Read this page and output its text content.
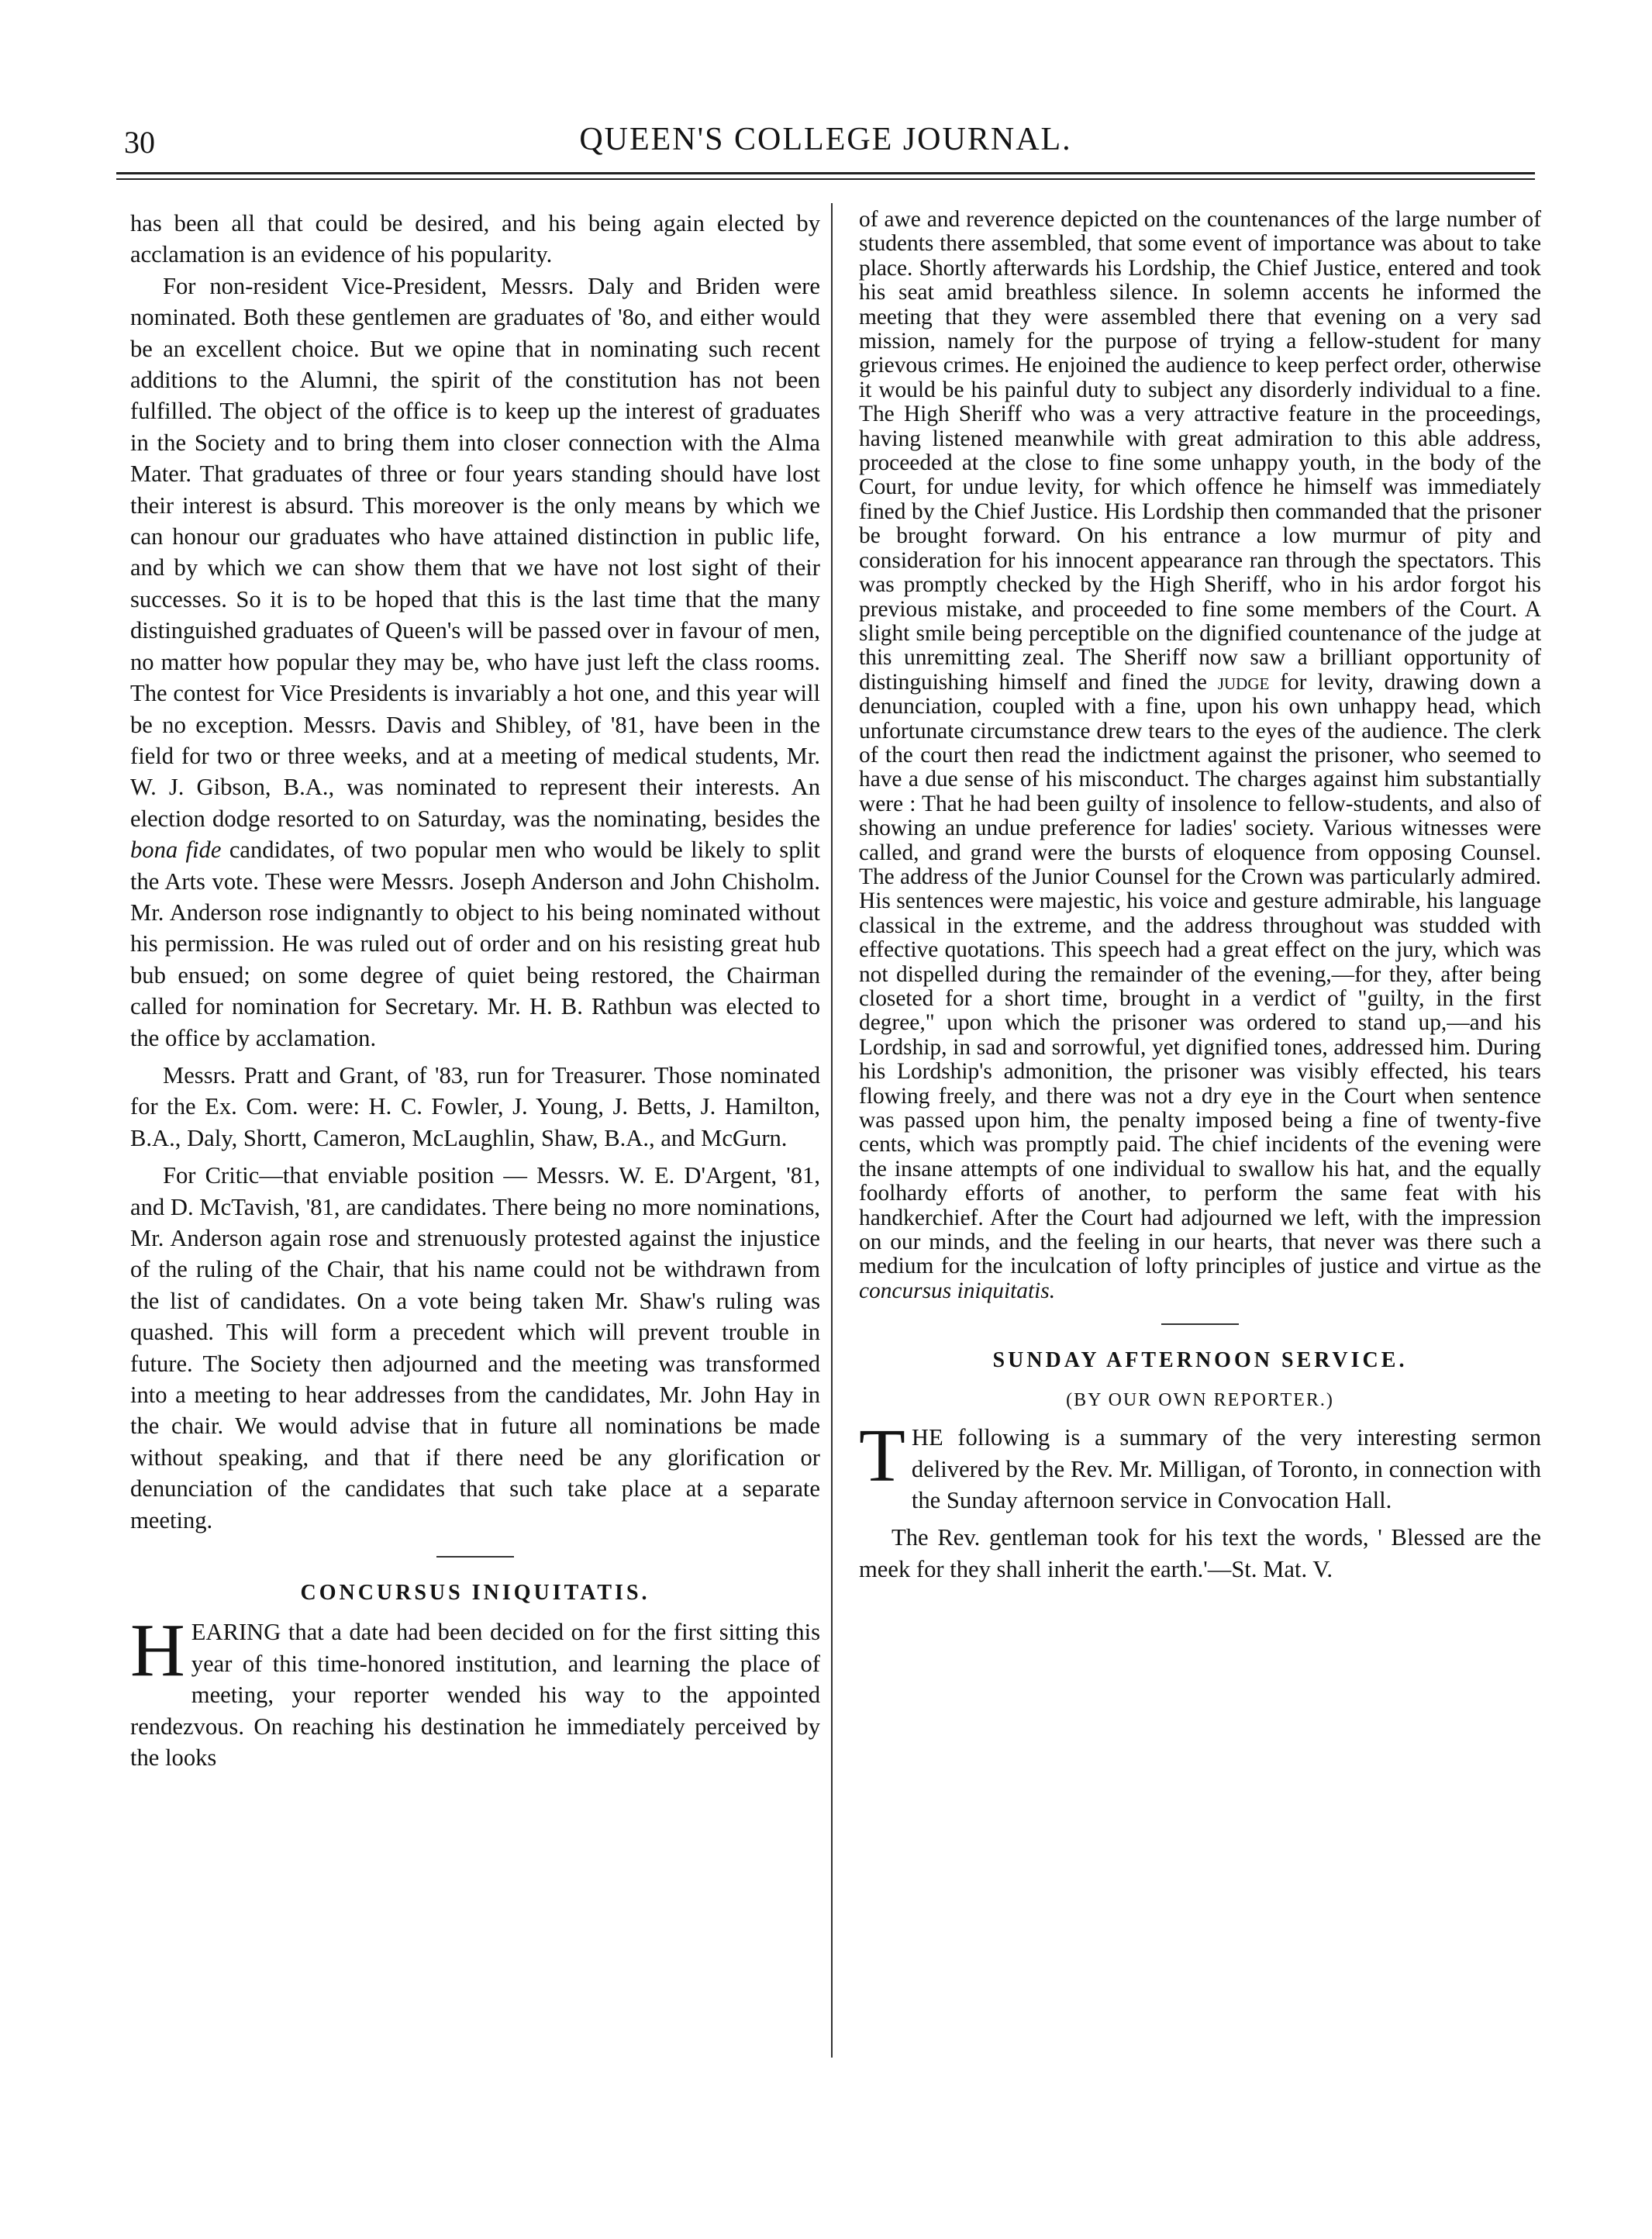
30	QUEEN'S COLLEGE JOURNAL.

has been all that could be desired, and his being again elected by acclamation is an evidence of his popularity.

For non-resident Vice-President, Messrs. Daly and Briden were nominated. Both these gentlemen are graduates of '8o, and either would be an excellent choice. But we opine that in nominating such recent additions to the Alumni, the spirit of the constitution has not been fulfilled. The object of the office is to keep up the interest of graduates in the Society and to bring them into closer connection with the Alma Mater. That graduates of three or four years standing should have lost their interest is absurd. This moreover is the only means by which we can honour our graduates who have attained distinction in public life, and by which we can show them that we have not lost sight of their successes. So it is to be hoped that this is the last time that the many distinguished graduates of Queen's will be passed over in favour of men, no matter how popular they may be, who have just left the class rooms. The contest for Vice Presidents is invariably a hot one, and this year will be no exception. Messrs. Davis and Shibley, of '81, have been in the field for two or three weeks, and at a meeting of medical students, Mr. W. J. Gibson, B.A., was nominated to represent their interests. An election dodge resorted to on Saturday, was the nominating, besides the bona fide candidates, of two popular men who would be likely to split the Arts vote. These were Messrs. Joseph Anderson and John Chisholm. Mr. Anderson rose indignantly to object to his being nominated without his permission. He was ruled out of order and on his resisting great hub bub ensued; on some degree of quiet being restored, the Chairman called for nomination for Secretary. Mr. H. B. Rathbun was elected to the office by acclamation.

Messrs. Pratt and Grant, of '83, run for Treasurer. Those nominated for the Ex. Com. were: H. C. Fowler, J. Young, J. Betts, J. Hamilton, B.A., Daly, Shortt, Cameron, McLaughlin, Shaw, B.A., and McGurn.

For Critic—that enviable position — Messrs. W. E. D'Argent, '81, and D. McTavish, '81, are candidates. There being no more nominations, Mr. Anderson again rose and strenuously protested against the injustice of the ruling of the Chair, that his name could not be withdrawn from the list of candidates. On a vote being taken Mr. Shaw's ruling was quashed. This will form a precedent which will prevent trouble in future. The Society then adjourned and the meeting was transformed into a meeting to hear addresses from the candidates, Mr. John Hay in the chair. We would advise that in future all nominations be made without speaking, and that if there need be any glorification or denunciation of the candidates that such take place at a separate meeting.

CONCURSUS INIQUITATIS.

HEARING that a date had been decided on for the first sitting this year of this time-honored institution, and learning the place of meeting, your reporter wended his way to the appointed rendezvous. On reaching his destination he immediately perceived by the looks

of awe and reverence depicted on the countenances of the large number of students there assembled, that some event of importance was about to take place. Shortly afterwards his Lordship, the Chief Justice, entered and took his seat amid breathless silence. In solemn accents he informed the meeting that they were assembled there that evening on a very sad mission, namely for the purpose of trying a fellow-student for many grievous crimes. He enjoined the audience to keep perfect order, otherwise it would be his painful duty to subject any disorderly individual to a fine. The High Sheriff who was a very attractive feature in the proceedings, having listened meanwhile with great admiration to this able address, proceeded at the close to fine some unhappy youth, in the body of the Court, for undue levity, for which offence he himself was immediately fined by the Chief Justice. His Lordship then commanded that the prisoner be brought forward. On his entrance a low murmur of pity and consideration for his innocent appearance ran through the spectators. This was promptly checked by the High Sheriff, who in his ardor forgot his previous mistake, and proceeded to fine some members of the Court. A slight smile being perceptible on the dignified countenance of the judge at this unremitting zeal. The Sheriff now saw a brilliant opportunity of distinguishing himself and fined the judge for levity, drawing down a denunciation, coupled with a fine, upon his own unhappy head, which unfortunate circumstance drew tears to the eyes of the audience. The clerk of the court then read the indictment against the prisoner, who seemed to have a due sense of his misconduct. The charges against him substantially were : That he had been guilty of insolence to fellow-students, and also of showing an undue preference for ladies' society. Various witnesses were called, and grand were the bursts of eloquence from opposing Counsel. The address of the Junior Counsel for the Crown was particularly admired. His sentences were majestic, his voice and gesture admirable, his language classical in the extreme, and the address throughout was studded with effective quotations. This speech had a great effect on the jury, which was not dispelled during the remainder of the evening,—for they, after being closeted for a short time, brought in a verdict of "guilty, in the first degree," upon which the prisoner was ordered to stand up,—and his Lordship, in sad and sorrowful, yet dignified tones, addressed him. During his Lordship's admonition, the prisoner was visibly effected, his tears flowing freely, and there was not a dry eye in the Court when sentence was passed upon him, the penalty imposed being a fine of twenty-five cents, which was promptly paid. The chief incidents of the evening were the insane attempts of one individual to swallow his hat, and the equally foolhardy efforts of another, to perform the same feat with his handkerchief. After the Court had adjourned we left, with the impression on our minds, and the feeling in our hearts, that never was there such a medium for the inculcation of lofty principles of justice and virtue as the concursus iniquitatis.

SUNDAY AFTERNOON SERVICE.
(BY OUR OWN REPORTER.)

THE following is a summary of the very interesting sermon delivered by the Rev. Mr. Milligan, of Toronto, in connection with the Sunday afternoon service in Convocation Hall.

The Rev. gentleman took for his text the words, ' Blessed are the meek for they shall inherit the earth.'—St. Mat. V.
